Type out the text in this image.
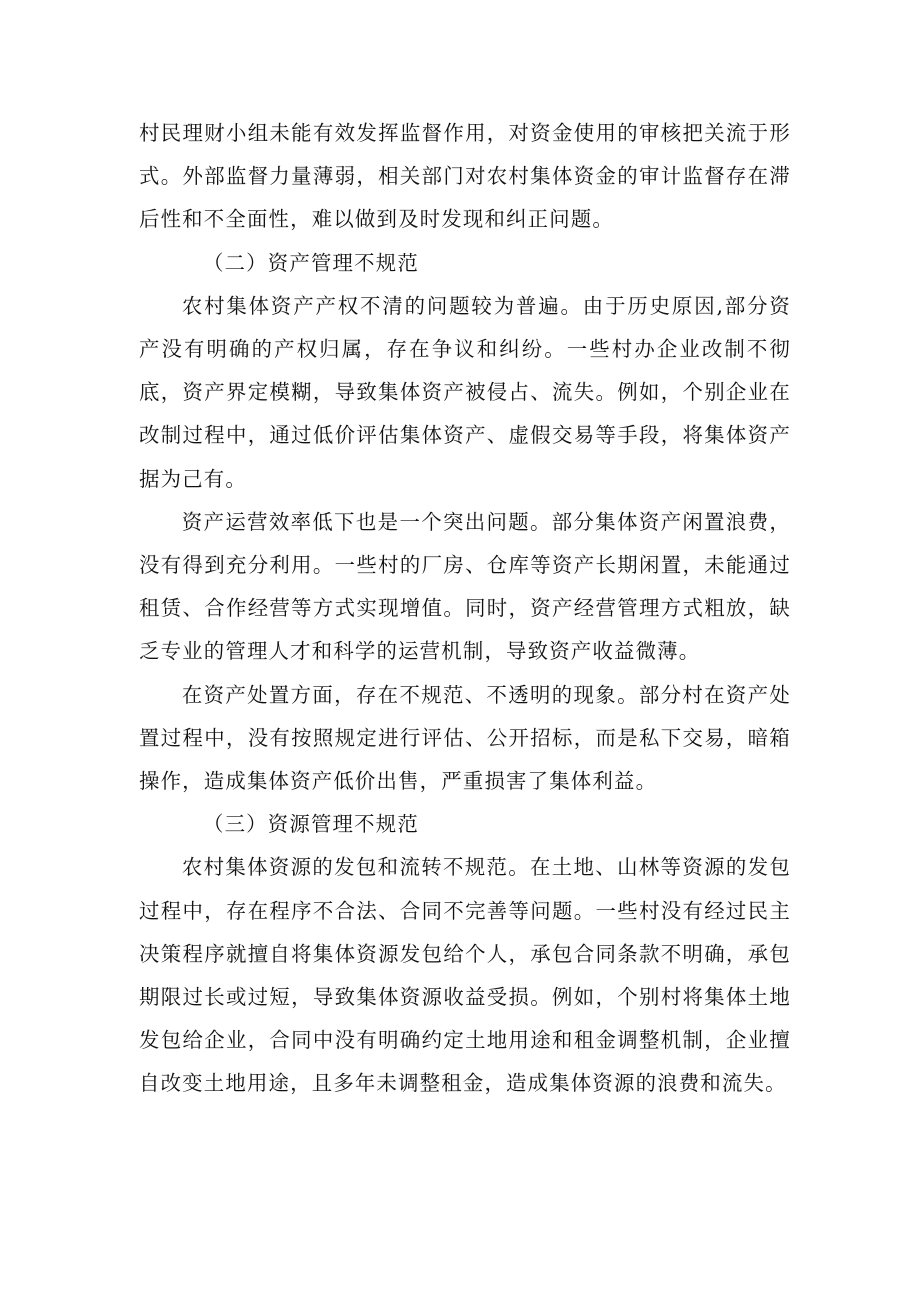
村民理财小组未能有效发挥监督作用，对资金使用的审核把关流于形式。外部监督力量薄弱，相关部门对农村集体资金的审计监督存在滞后性和不全面性，难以做到及时发现和纠正问题。

（二）资产管理不规范

农村集体资产产权不清的问题较为普遍。由于历史原因,部分资产没有明确的产权归属，存在争议和纠纷。一些村办企业改制不彻底，资产界定模糊，导致集体资产被侵占、流失。例如，个别企业在改制过程中，通过低价评估集体资产、虚假交易等手段，将集体资产据为己有。

资产运营效率低下也是一个突出问题。部分集体资产闲置浪费，没有得到充分利用。一些村的厂房、仓库等资产长期闲置，未能通过租赁、合作经营等方式实现增值。同时，资产经营管理方式粗放，缺乏专业的管理人才和科学的运营机制，导致资产收益微薄。

在资产处置方面，存在不规范、不透明的现象。部分村在资产处置过程中，没有按照规定进行评估、公开招标，而是私下交易，暗箱操作，造成集体资产低价出售，严重损害了集体利益。

（三）资源管理不规范

农村集体资源的发包和流转不规范。在土地、山林等资源的发包过程中，存在程序不合法、合同不完善等问题。一些村没有经过民主决策程序就擅自将集体资源发包给个人，承包合同条款不明确，承包期限过长或过短，导致集体资源收益受损。例如，个别村将集体土地发包给企业，合同中没有明确约定土地用途和租金调整机制，企业擅自改变土地用途，且多年未调整租金，造成集体资源的浪费和流失。
